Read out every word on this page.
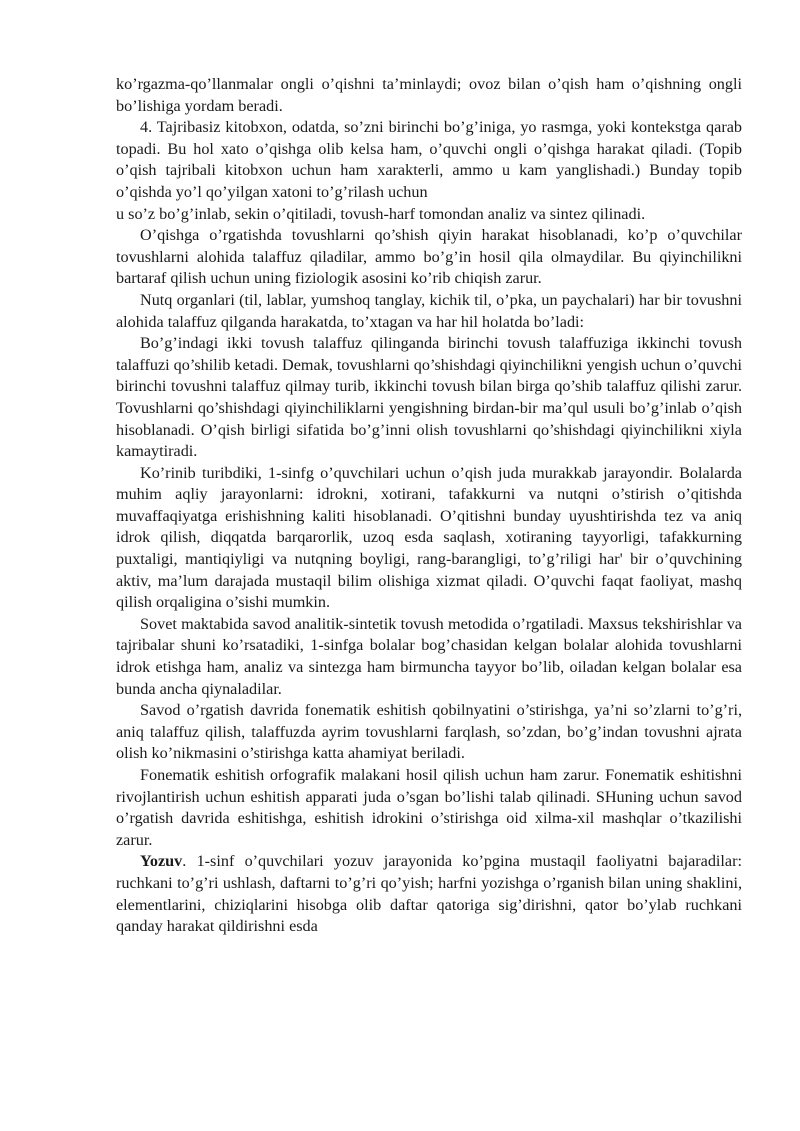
ko’rgazma-qo’llanmalar ongli o’qishni ta’minlaydi; ovoz bilan o’qish ham o’qishning ongli bo’lishiga yordam beradi.

4. Tajribasiz kitobxon, odatda, so’zni birinchi bo’g’iniga, yo rasmga, yoki kontekstga qarab topadi. Bu hol xato o’qishga olib kelsa ham, o’quvchi ongli o’qishga harakat qiladi. (Topib o’qish tajribali kitobxon uchun ham xarakterli, ammo u kam yanglishadi.) Bunday topib o’qishda yo’l qo’yilgan xatoni to’g’rilash uchun

u so’z bo’g’inlab, sekin o’qitiladi, tovush-harf tomondan analiz va sintez qilinadi.

O’qishga o’rgatishda tovushlarni qo’shish qiyin harakat hisoblanadi, ko’p o’quvchilar tovushlarni alohida talaffuz qiladilar, ammo bo’g’in hosil qila olmaydilar. Bu qiyinchilikni bartaraf qilish uchun uning fiziologik asosini ko’rib chiqish zarur.

Nutq organlari (til, lablar, yumshoq tanglay, kichik til, o’pka, un paychalari) har bir tovushni alohida talaffuz qilganda harakatda, to’xtagan va har hil holatda bo’ladi:

Bo’g’indagi ikki tovush talaffuz qilinganda birinchi tovush talaffuziga ikkinchi tovush talaffuzi qo’shilib ketadi. Demak, tovushlarni qo’shishdagi qiyinchilikni yengish uchun o’quvchi birinchi tovushni talaffuz qilmay turib, ikkinchi tovush bilan birga qo’shib talaffuz qilishi zarur. Tovushlarni qo’shishdagi qiyinchiliklarni yengishning birdan-bir ma’qul usuli bo’g’inlab o’qish hisoblanadi. O’qish birligi sifatida bo’g’inni olish tovushlarni qo’shishdagi qiyinchilikni xiyla kamaytiradi.

Ko’rinib turibdiki, 1-sinfg o’quvchilari uchun o’qish juda murakkab jarayondir. Bolalarda muhim aqliy jarayonlarni: idrokni, xotirani, tafakkurni va nutqni o’stirish o’qitishda muvaffaqiyatga erishishning kaliti hisoblanadi. O’qitishni bunday uyushtirishda tez va aniq idrok qilish, diqqatda barqarorlik, uzoq esda saqlash, xotiraning tayyorligi, tafakkurning puxtaligi, mantiqiyligi va nutqning boyligi, rang-barangligi, to’g’riligi har' bir o’quvchining aktiv, ma’lum darajada mustaqil bilim olishiga xizmat qiladi. O’quvchi faqat faoliyat, mashq qilish orqaligina o’sishi mumkin.

Sovet maktabida savod analitik-sintetik tovush metodida o’rgatiladi. Maxsus tekshirishlar va tajribalar shuni ko’rsatadiki, 1-sinfga bolalar bog’chasidan kelgan bolalar alohida tovushlarni idrok etishga ham, analiz va sintezga ham birmuncha tayyor bo’lib, oiladan kelgan bolalar esa bunda ancha qiynaladilar.

Savod o’rgatish davrida fonematik eshitish qobilnyatini o’stirishga, ya’ni so’zlarni to’g’ri, aniq talaffuz qilish, talaffuzda ayrim tovushlarni farqlash, so’zdan, bo’g’indan tovushni ajrata olish ko’nikmasini o’stirishga katta ahamiyat beriladi.

Fonematik eshitish orfografik malakani hosil qilish uchun ham zarur. Fonematik eshitishni rivojlantirish uchun eshitish apparati juda o’sgan bo’lishi talab qilinadi. SHuning uchun savod o’rgatish davrida eshitishga, eshitish idrokini o’stirishga oid xilma-xil mashqlar o’tkazilishi zarur.

Yozuv. 1-sinf o’quvchilari yozuv jarayonida ko’pgina mustaqil faoliyatni bajaradilar: ruchkani to’g’ri ushlash, daftarni to’g’ri qo’yish; harfni yozishga o’rganish bilan uning shaklini, elementlarini, chiziqlarini hisobga olib daftar qatoriga sig’dirishni, qator bo’ylab ruchkani qanday harakat qildirishni esda
